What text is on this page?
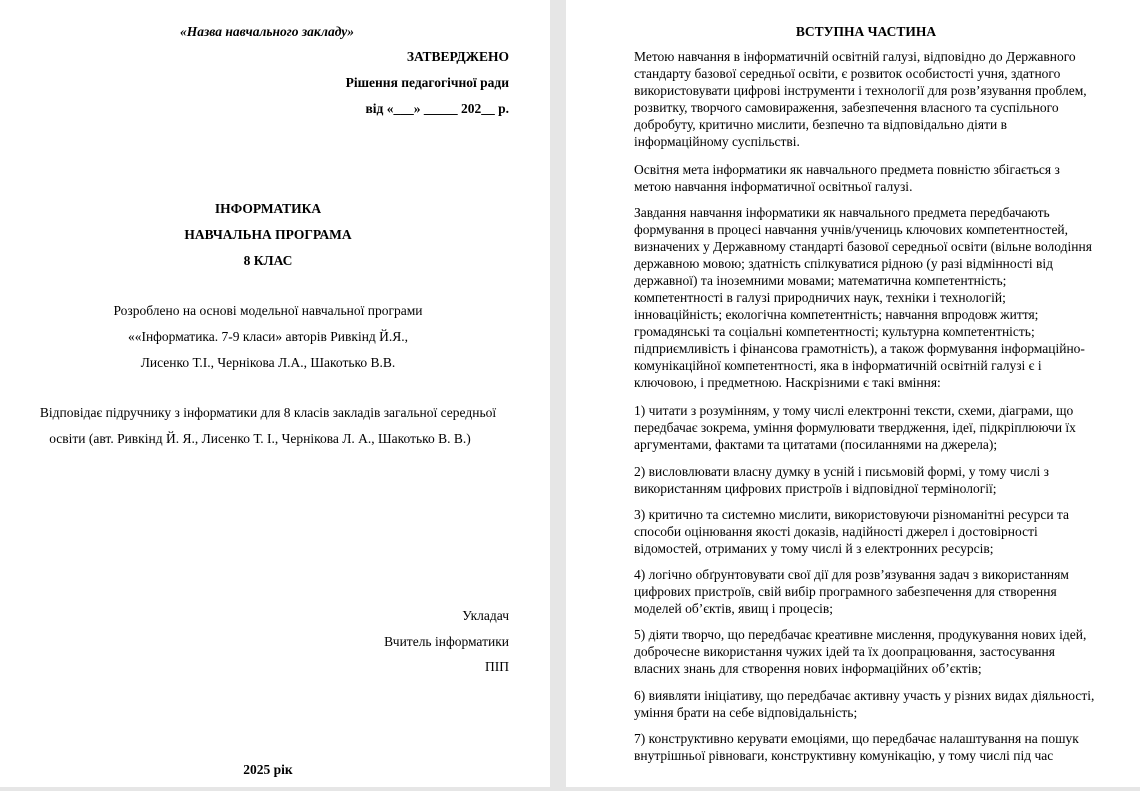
«Назва навчального закладу»
ЗАТВЕРДЖЕНО
Рішення педагогічної ради
від «___» _____ 202__ р.
ІНФОРМАТИКА
НАВЧАЛЬНА ПРОГРАМА
8 КЛАС
Розроблено на основі модельної навчальної програми
««Інформатика. 7-9 класи» авторів Ривкінд Й.Я.,
Лисенко Т.І., Чернікова Л.А., Шакотько В.В.
Відповідає підручнику з інформатики для 8 класів закладів загальної середньої
освіти (авт. Ривкінд Й. Я., Лисенко Т. І., Чернікова Л. А., Шакотько В. В.)
Укладач
Вчитель інформатики
ПІП
2025 рік
ВСТУПНА ЧАСТИНА
Метою навчання в інформатичній освітній галузі, відповідно до Державного
стандарту базової середньої освіти, є розвиток особистості учня, здатного
використовувати цифрові інструменти і технології для розв’язування проблем,
розвитку, творчого самовираження, забезпечення власного та суспільного
добробуту, критично мислити, безпечно та відповідально діяти в
інформаційному суспільстві.
Освітня мета інформатики як навчального предмета повністю збігається з
метою навчання інформатичної освітньої галузі.
Завдання навчання інформатики як навчального предмета передбачають
формування в процесі навчання учнів/учениць ключових компетентностей,
визначених у Державному стандарті базової середньої освіти (вільне володіння
державною мовою; здатність спілкуватися рідною (у разі відмінності від
державної) та іноземними мовами; математична компетентність;
компетентності в галузі природничих наук, техніки і технологій;
інноваційність; екологічна компетентність; навчання впродовж життя;
громадянські та соціальні компетентності; культурна компетентність;
підприємливість і фінансова грамотність), а також формування інформаційно-
комунікаційної компетентності, яка в інформатичній освітній галузі є і
ключовою, і предметною. Наскрізними є такі вміння:
1) читати з розумінням, у тому числі електронні тексти, схеми, діаграми, що
передбачає зокрема, уміння формулювати твердження, ідеї, підкріплюючи їх
аргументами, фактами та цитатами (посиланнями на джерела);
2) висловлювати власну думку в усній і письмовій формі, у тому числі з
використанням цифрових пристроїв і відповідної термінології;
3) критично та системно мислити, використовуючи різноманітні ресурси та
способи оцінювання якості доказів, надійності джерел і достовірності
відомостей, отриманих у тому числі й з електронних ресурсів;
4) логічно обґрунтовувати свої дії для розв’язування задач з використанням
цифрових пристроїв, свій вибір програмного забезпечення для створення
моделей об’єктів, явищ і процесів;
5) діяти творчо, що передбачає креативне мислення, продукування нових ідей,
доброчесне використання чужих ідей та їх доопрацювання, застосування
власних знань для створення нових інформаційних об’єктів;
6) виявляти ініціативу, що передбачає активну участь у різних видах діяльності,
уміння брати на себе відповідальність;
7) конструктивно керувати емоціями, що передбачає налаштування на пошук
внутрішньої рівноваги, конструктивну комунікацію, у тому числі під час
